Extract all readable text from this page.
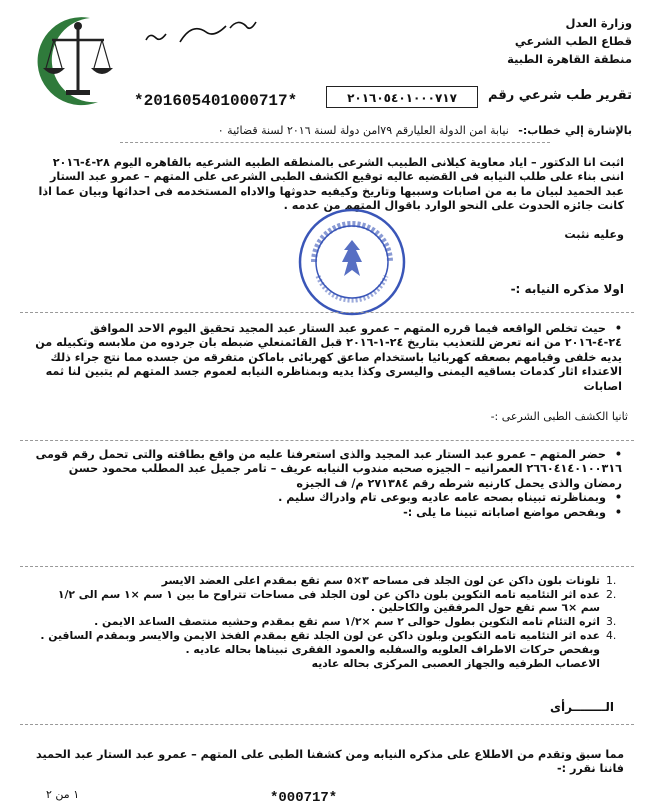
وزارة العدل
قطاع الطب الشرعي
منطقة القاهرة الطبية
*201605401000717*	٢٠١٦٠٥٤٠١٠٠٠٧١٧	تقرير طب شرعي رقم
بالإشارة إلي خطاب:- نيابة امن الدولة العليارقم ٧٩امن دولة لسنة ٢٠١٦ لسنة قضائية ٠
اثبت انا الدكتور – اياد معاوية كيلانى الطبيب الشرعى بالمنطقه الطبيه الشرعيه بالقاهره اليوم ٢٨-٤-٢٠١٦ اننى بناء على طلب النيابه فى القضيه عاليه توقيع الكشف الطبى الشرعى على المتهم – عمرو عبد الستار عبد الحميد لبيان ما به من اصابات وسببها وتاريخ وكيفيه حدوثها والاداه المستخدمه فى احداثها وبيان عما اذا كانت جائزه الحدوث على النحو الوارد باقوال المتهم من عدمه .
وعليه نثبت
اولا مذكره النيابه :-
• حيث تخلص الواقعه فيما قرره المتهم – عمرو عبد الستار عبد المجيد تحقيق اليوم الاحد الموافق ٢٤-٤-٢٠١٦ من انه تعرض للتعذيب بتاريخ ٢٤-١-٢٠١٦ قبل القائمنعلي ضبطه بان جردوه من ملابسه وتكبيله من يديه خلفى وقيامهم بصعقه كهربائيا باستخدام صاعق كهربائى باماكن متفرقه من جسده مما نتج جراء ذلك الاعتداء اثار كدمات بساقيه اليمنى واليسرى وكذا يديه وبمناظره النيابه لعموم جسد المتهم لم يتبين لنا ثمه اصابات
ثانيا الكشف الطبى الشرعى :-
• حضر المتهم – عمرو عبد الستار عبد المجيد والذى استعرفنا عليه من واقع بطاقته والتى تحمل رقم قومى ٢٦٦٠٤١٤٠١٠٠٣١٦ العمرانيه – الجيزه صحبه مندوب النيابه عريف – تامر جميل عبد المطلب محمود حسن رمضان والذى يحمل كارنيه شرطه رقم ٢٧١٣٨٤ م/ ف الجيزه
• وبمناظرته تبيناه بصحه عامه عاديه وبوعى تام وادراك سليم .
• وبفحص مواضع اصاباته تبينا ما يلى :-
1.
تلونات بلون داكن عن لون الجلد فى مساحه ٣×٥ سم تقع بمقدم اعلى العضد الايسر
2.
عده اثر التئاميه تامه التكوين بلون داكن عن لون الجلد فى مساحات تتراوح ما بين ١ سم ×١ سم الى ١/٢ سم ×٦ سم تقع حول المرفقين والكاحلين .
3.
اثره التئام تامه التكوين بطول حوالى ٢ سم ×١/٢ سم تقع بمقدم وحشيه منتصف الساعد الايمن .
4.
عده اثر التئاميه تامه التكوين وبلون داكن عن لون الجلد تقع بمقدم الفخذ الايمن والايسر وبمقدم الساقين .
وبفحص حركات الاطراف العلويه والسفليه والعمود الفقرى تبيناها بحاله عاديه .
الاعصاب الطرفيه والجهاز العصبى المركزى بحاله عاديه
الــــــــرأى
مما سبق وتقدم من الاطلاع على مذكره النيابه ومن كشفنا الطبى على المتهم – عمرو عبد الستار عبد الحميد فاننا نقرر :-
١ من ٢	*000717*
